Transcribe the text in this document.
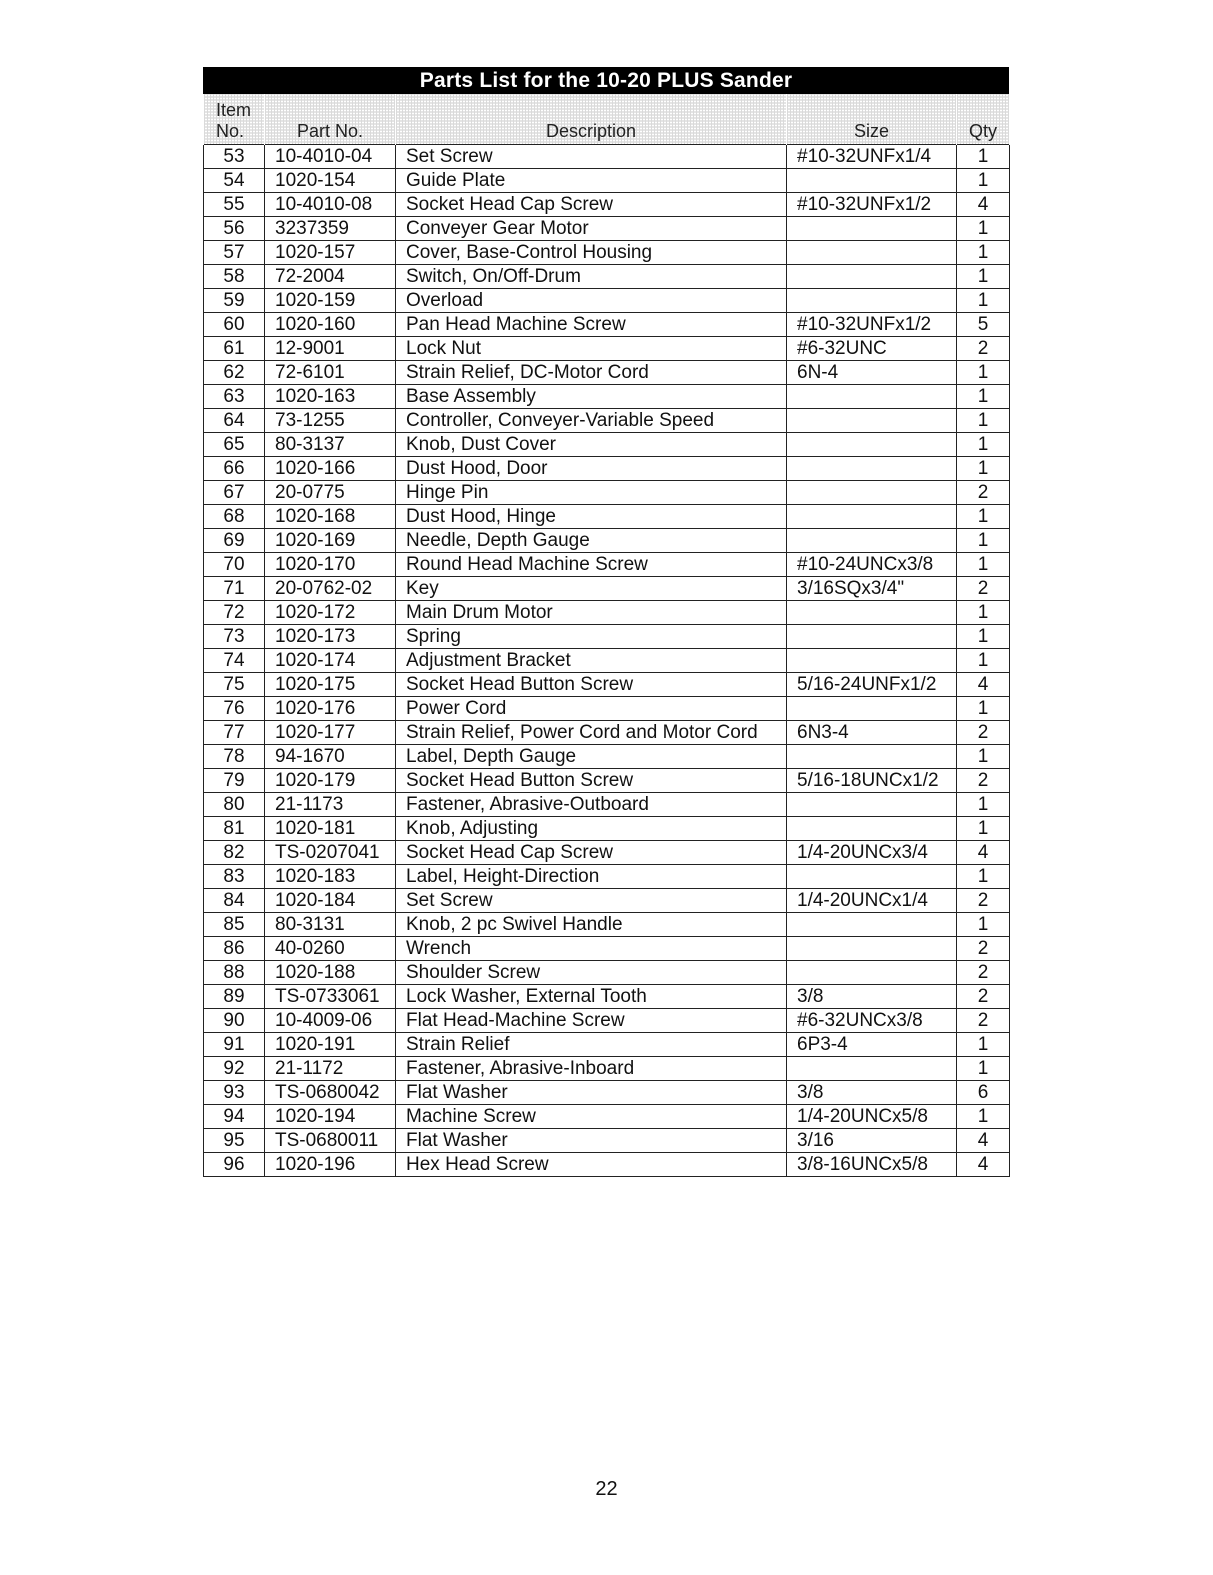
Parts List for the 10-20 PLUS Sander
Item
No.	Part No.	Description	Size	Qty
53	10-4010-04	Set Screw	#10-32UNFx1/4	1
54	1020-154	Guide Plate		1
55	10-4010-08	Socket Head Cap Screw	#10-32UNFx1/2	4
56	3237359	Conveyer Gear Motor		1
57	1020-157	Cover, Base-Control Housing		1
58	72-2004	Switch, On/Off-Drum		1
59	1020-159	Overload		1
60	1020-160	Pan Head Machine Screw	#10-32UNFx1/2	5
61	12-9001	Lock Nut	#6-32UNC	2
62	72-6101	Strain Relief, DC-Motor Cord	6N-4	1
63	1020-163	Base Assembly		1
64	73-1255	Controller, Conveyer-Variable Speed		1
65	80-3137	Knob, Dust Cover		1
66	1020-166	Dust Hood, Door		1
67	20-0775	Hinge Pin		2
68	1020-168	Dust Hood, Hinge		1
69	1020-169	Needle, Depth Gauge		1
70	1020-170	Round Head Machine Screw	#10-24UNCx3/8	1
71	20-0762-02	Key	3/16SQx3/4"	2
72	1020-172	Main Drum Motor		1
73	1020-173	Spring		1
74	1020-174	Adjustment Bracket		1
75	1020-175	Socket Head Button Screw	5/16-24UNFx1/2	4
76	1020-176	Power Cord		1
77	1020-177	Strain Relief, Power Cord and Motor Cord	6N3-4	2
78	94-1670	Label, Depth Gauge		1
79	1020-179	Socket Head Button Screw	5/16-18UNCx1/2	2
80	21-1173	Fastener, Abrasive-Outboard		1
81	1020-181	Knob, Adjusting		1
82	TS-0207041	Socket Head Cap Screw	1/4-20UNCx3/4	4
83	1020-183	Label, Height-Direction		1
84	1020-184	Set Screw	1/4-20UNCx1/4	2
85	80-3131	Knob, 2 pc Swivel Handle		1
86	40-0260	Wrench		2
88	1020-188	Shoulder Screw		2
89	TS-0733061	Lock Washer, External Tooth	3/8	2
90	10-4009-06	Flat Head-Machine Screw	#6-32UNCx3/8	2
91	1020-191	Strain Relief	6P3-4	1
92	21-1172	Fastener, Abrasive-Inboard		1
93	TS-0680042	Flat Washer	3/8	6
94	1020-194	Machine Screw	1/4-20UNCx5/8	1
95	TS-0680011	Flat Washer	3/16	4
96	1020-196	Hex Head Screw	3/8-16UNCx5/8	4
22
